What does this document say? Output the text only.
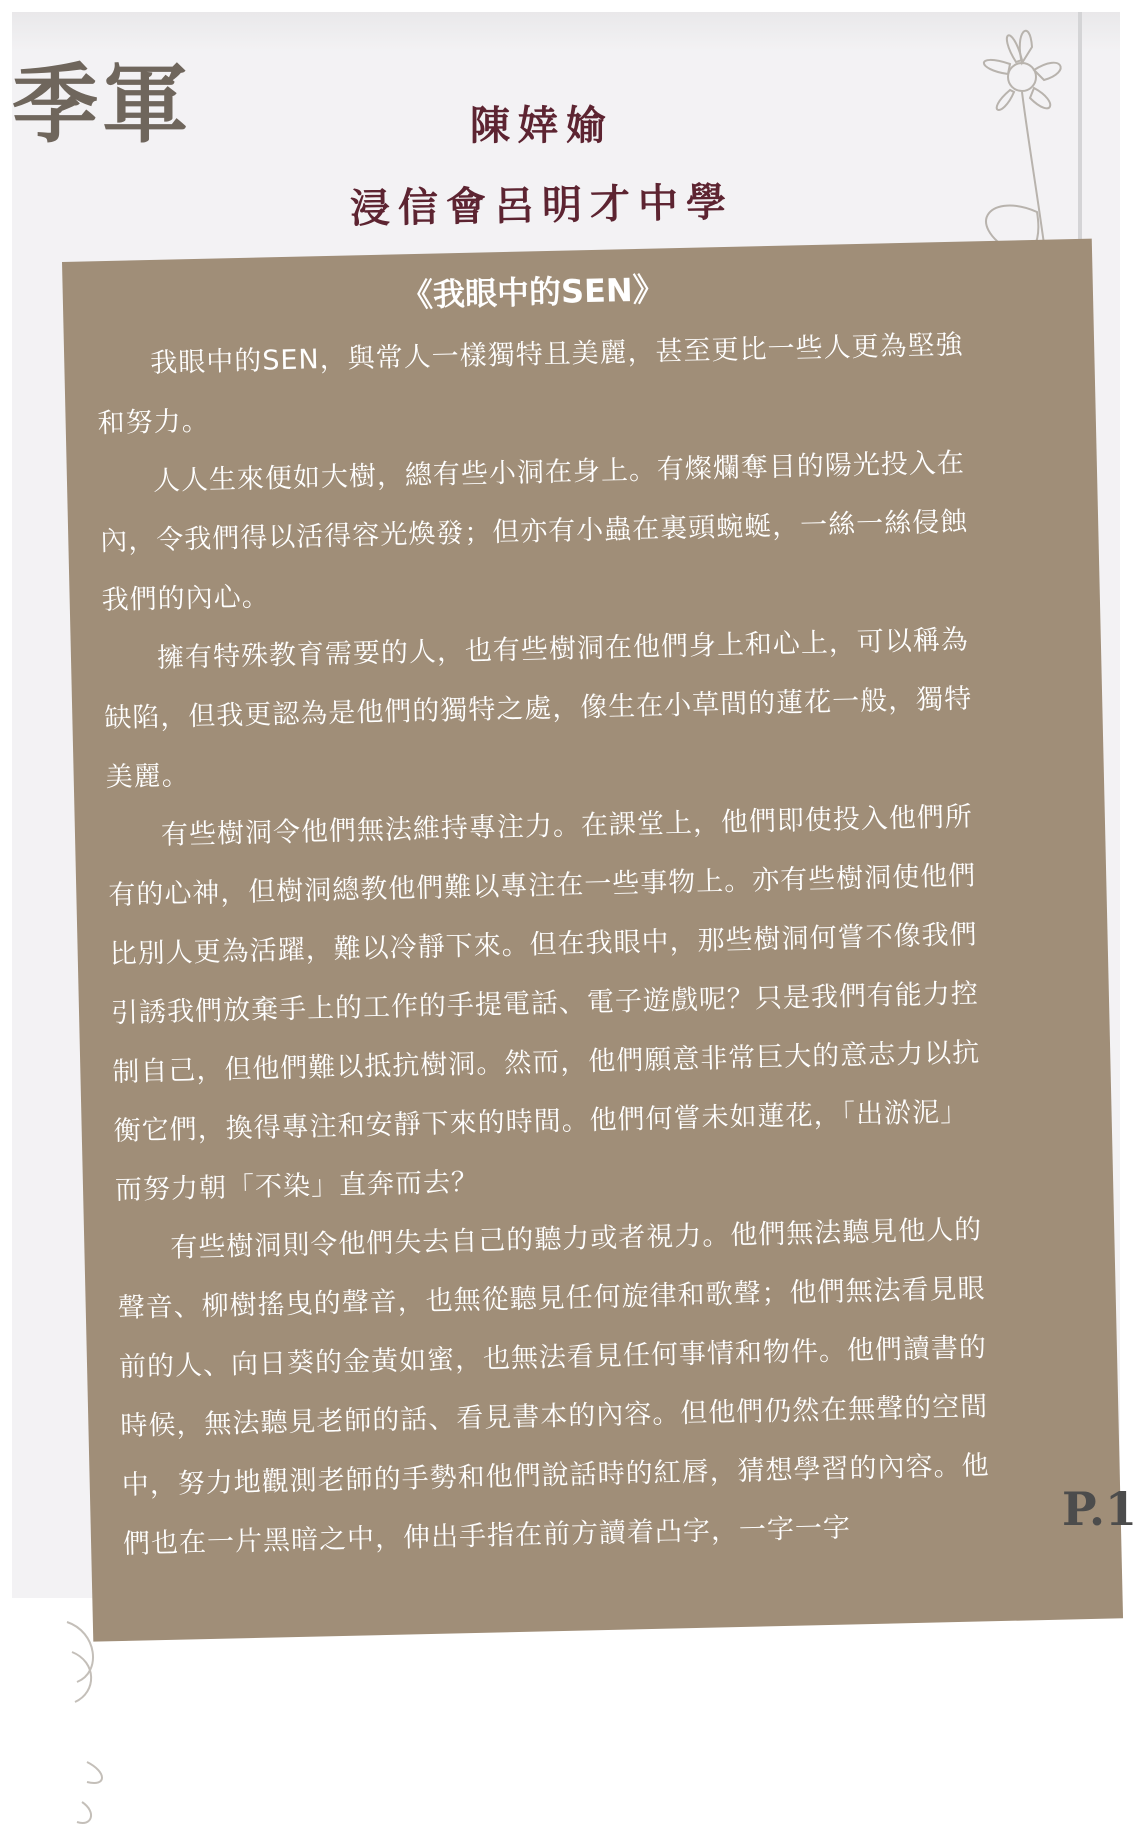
季軍	陳婞媮
浸信會呂明才中學
《我眼中的SEN》

我眼中的SEN，與常人一樣獨特且美麗，甚至更比一些人更為堅強和努力。

人人生來便如大樹，總有些小洞在身上。有燦爛奪目的陽光投入在內，令我們得以活得容光煥發；但亦有小蟲在裏頭蜿蜒，一絲一絲侵蝕我們的內心。

擁有特殊教育需要的人，也有些樹洞在他們身上和心上，可以稱為缺陷，但我更認為是他們的獨特之處，像生在小草間的蓮花一般，獨特美麗。

有些樹洞令他們無法維持專注力。在課堂上，他們即使投入他們所有的心神，但樹洞總教他們難以專注在一些事物上。亦有些樹洞使他們比別人更為活躍，難以冷靜下來。但在我眼中，那些樹洞何嘗不像我們引誘我們放棄手上的工作的手提電話、電子遊戲呢？只是我們有能力控制自己，但他們難以抵抗樹洞。然而，他們願意非常巨大的意志力以抗衡它們，換得專注和安靜下來的時間。他們何嘗未如蓮花，「出淤泥」而努力朝「不染」直奔而去？

有些樹洞則令他們失去自己的聽力或者視力。他們無法聽見他人的聲音、柳樹搖曳的聲音，也無從聽見任何旋律和歌聲；他們無法看見眼前的人、向日葵的金黃如蜜，也無法看見任何事情和物件。他們讀書的時候，無法聽見老師的話、看見書本的內容。但他們仍然在無聲的空間中，努力地觀測老師的手勢和他們說話時的紅唇，猜想學習的內容。他們也在一片黑暗之中，伸出手指在前方讀着凸字，一字一字

P.1
